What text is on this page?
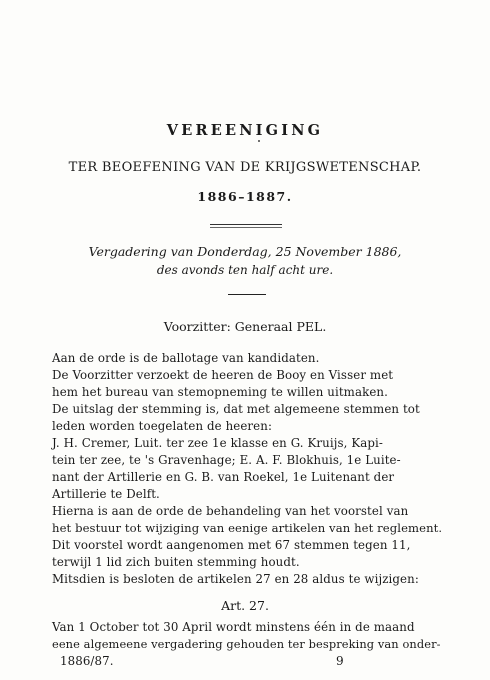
VEREENIGING
TER BEOEFENING VAN DE KRIJGSWETENSCHAP.
1886–1887.
Vergadering van Donderdag, 25 November 1886,
des avonds ten half acht ure.
Voorzitter: Generaal PEL.
Aan de orde is de ballotage van kandidaten.
De Voorzitter verzoekt de heeren de Booy en Visser met
hem het bureau van stemopneming te willen uitmaken.
De uitslag der stemming is, dat met algemeene stemmen tot
leden worden toegelaten de heeren:
J. H. Cremer, Luit. ter zee 1e klasse en G. Kruijs, Kapi-
tein ter zee, te 's Gravenhage; E. A. F. Blokhuis, 1e Luite-
nant der Artillerie en G. B. van Roekel, 1e Luitenant der
Artillerie te Delft.
Hierna is aan de orde de behandeling van het voorstel van
het bestuur tot wijziging van eenige artikelen van het reglement.
Dit voorstel wordt aangenomen met 67 stemmen tegen 11,
terwijl 1 lid zich buiten stemming houdt.
Mitsdien is besloten de artikelen 27 en 28 aldus te wijzigen:
Art. 27.
Van 1 October tot 30 April wordt minstens één in de maand
eene algemeene vergadering gehouden ter bespreking van onder-
1886/87.	9
